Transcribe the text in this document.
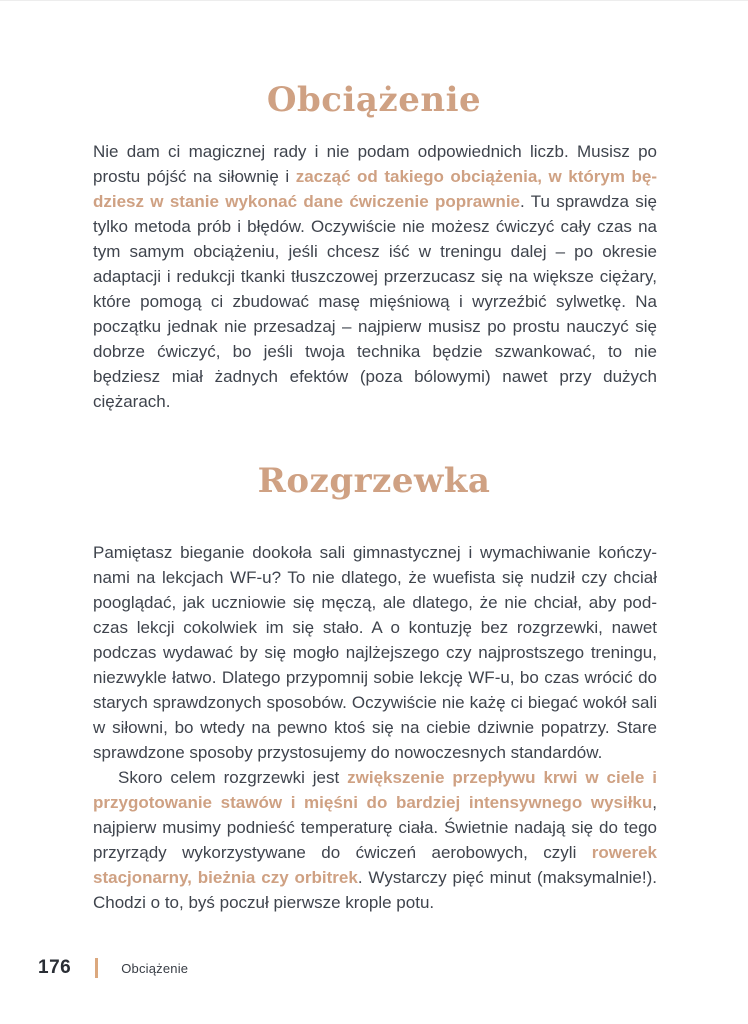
Obciążenie

Nie dam ci magicznej rady i nie podam odpowiednich liczb. Musisz po prostu pójść na siłownię i zacząć od takiego obciążenia, w którym będziesz w stanie wykonać dane ćwiczenie poprawnie. Tu sprawdza się tylko metoda prób i błędów. Oczywiście nie możesz ćwiczyć cały czas na tym samym obciążeniu, jeśli chcesz iść w treningu dalej – po okresie adaptacji i redukcji tkanki tłuszczowej przerzucasz się na większe ciężary, które pomogą ci zbudować masę mięśniową i wyrzeźbić sylwetkę. Na początku jednak nie przesadzaj – najpierw musisz po prostu nauczyć się dobrze ćwiczyć, bo jeśli twoja technika będzie szwankować, to nie będziesz miał żadnych efektów (poza bólowymi) nawet przy dużych ciężarach.

Rozgrzewka

Pamiętasz bieganie dookoła sali gimnastycznej i wymachiwanie kończynami na lekcjach WF-u? To nie dlatego, że wuefista się nudził czy chciał pooglądać, jak uczniowie się męczą, ale dlatego, że nie chciał, aby podczas lekcji cokolwiek im się stało. A o kontuzję bez rozgrzewki, nawet podczas wydawać by się mogło najlżejszego czy najprostszego treningu, niezwykle łatwo. Dlatego przypomnij sobie lekcję WF-u, bo czas wrócić do starych sprawdzonych sposobów. Oczywiście nie każę ci biegać wokół sali w siłowni, bo wtedy na pewno ktoś się na ciebie dziwnie popatrzy. Stare sprawdzone sposoby przystosujemy do nowoczesnych standardów.

Skoro celem rozgrzewki jest zwiększenie przepływu krwi w ciele i przygotowanie stawów i mięśni do bardziej intensywnego wysiłku, najpierw musimy podnieść temperaturę ciała. Świetnie nadają się do tego przyrządy wykorzystywane do ćwiczeń aerobowych, czyli rowerek stacjonarny, bieżnia czy orbitrek. Wystarczy pięć minut (maksymalnie!). Chodzi o to, byś poczuł pierwsze krople potu.

176	Obciążenie
